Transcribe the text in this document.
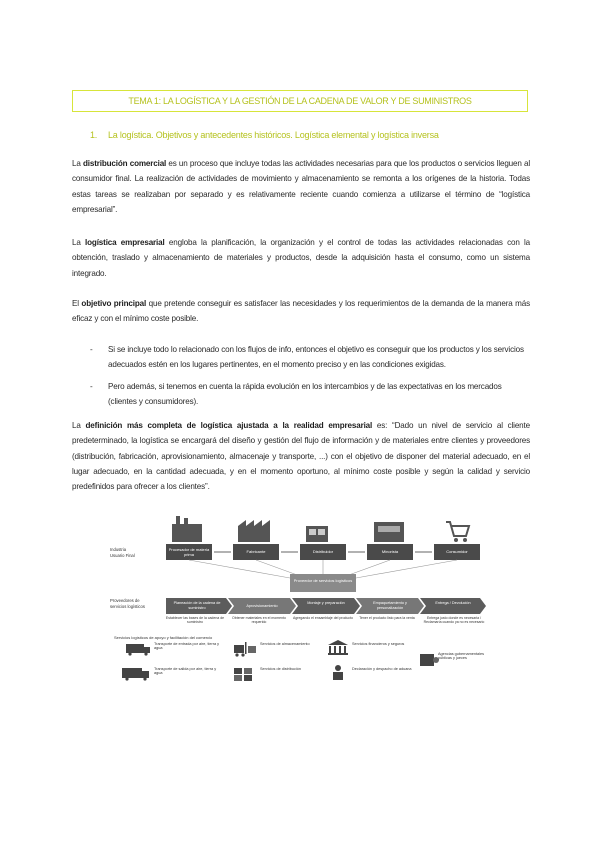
TEMA 1: LA LOGÍSTICA Y LA GESTIÓN DE LA CADENA DE VALOR Y DE SUMINISTROS
1. La logística. Objetivos y antecedentes históricos. Logística elemental y logística inversa

La distribución comercial es un proceso que incluye todas las actividades necesarias para que los productos o servicios lleguen al consumidor final. La realización de actividades de movimiento y almacenamiento se remonta a los orígenes de la historia. Todas estas tareas se realizaban por separado y es relativamente reciente cuando comienza a utilizarse el término de “logística empresarial”.

La logística empresarial engloba la planificación, la organización y el control de todas las actividades relacionadas con la obtención, traslado y almacenamiento de materiales y productos, desde la adquisición hasta el consumo, como un sistema integrado.

El objetivo principal que pretende conseguir es satisfacer las necesidades y los requerimientos de la demanda de la manera más eficaz y con el mínimo coste posible.

- Si se incluye todo lo relacionado con los flujos de info, entonces el objetivo es conseguir que los productos y los servicios adecuados estén en los lugares pertinentes, en el momento preciso y en las condiciones exigidas.
- Pero además, si tenemos en cuenta la rápida evolución en los intercambios y de las expectativas en los mercados (clientes y consumidores).

La definición más completa de logística ajustada a la realidad empresarial es: “Dado un nivel de servicio al cliente predeterminado, la logística se encargará del diseño y gestión del flujo de información y de materiales entre clientes y proveedores (distribución, fabricación, aprovisionamiento, almacenaje y transporte, ...) con el objetivo de disponer del material adecuado, en el lugar adecuado, en la cantidad adecuada, y en el momento oportuno, al mínimo coste posible y según la calidad y servicio predefinidos para ofrecer a los clientes”.

Industria
Usuario Final
Procesador de materia prima
Fabricante	Distribuidor	Minorista	Consumidor
Proveedor de servicios logísticos
Proveedores de
servicios logísticos
Planeación de la cadena de suministro	Aprovisionamiento
Montaje y preparación	Empaquetamiento y personalización
Entrega / Devolución
Establecer las bases de la cadena de suministro
Obtener materiales en el momento requerido
Agregando el ensamblaje del producto	Tener el producto listo para la venta	Entrega justo donde es necesaria / Reclamaría cuando ya no es necesario
Servicios logísticos de apoyo y facilitación del comercio
Transporte de entrada por aire, tierra y agua
Servicios de almacenamiento	Servicios financieros y seguros
Agencias gubernamentales públicas y jueces
Transporte de salida por aire, tierra y agua
Servicios de distribución	Declaración y despacho de aduana
